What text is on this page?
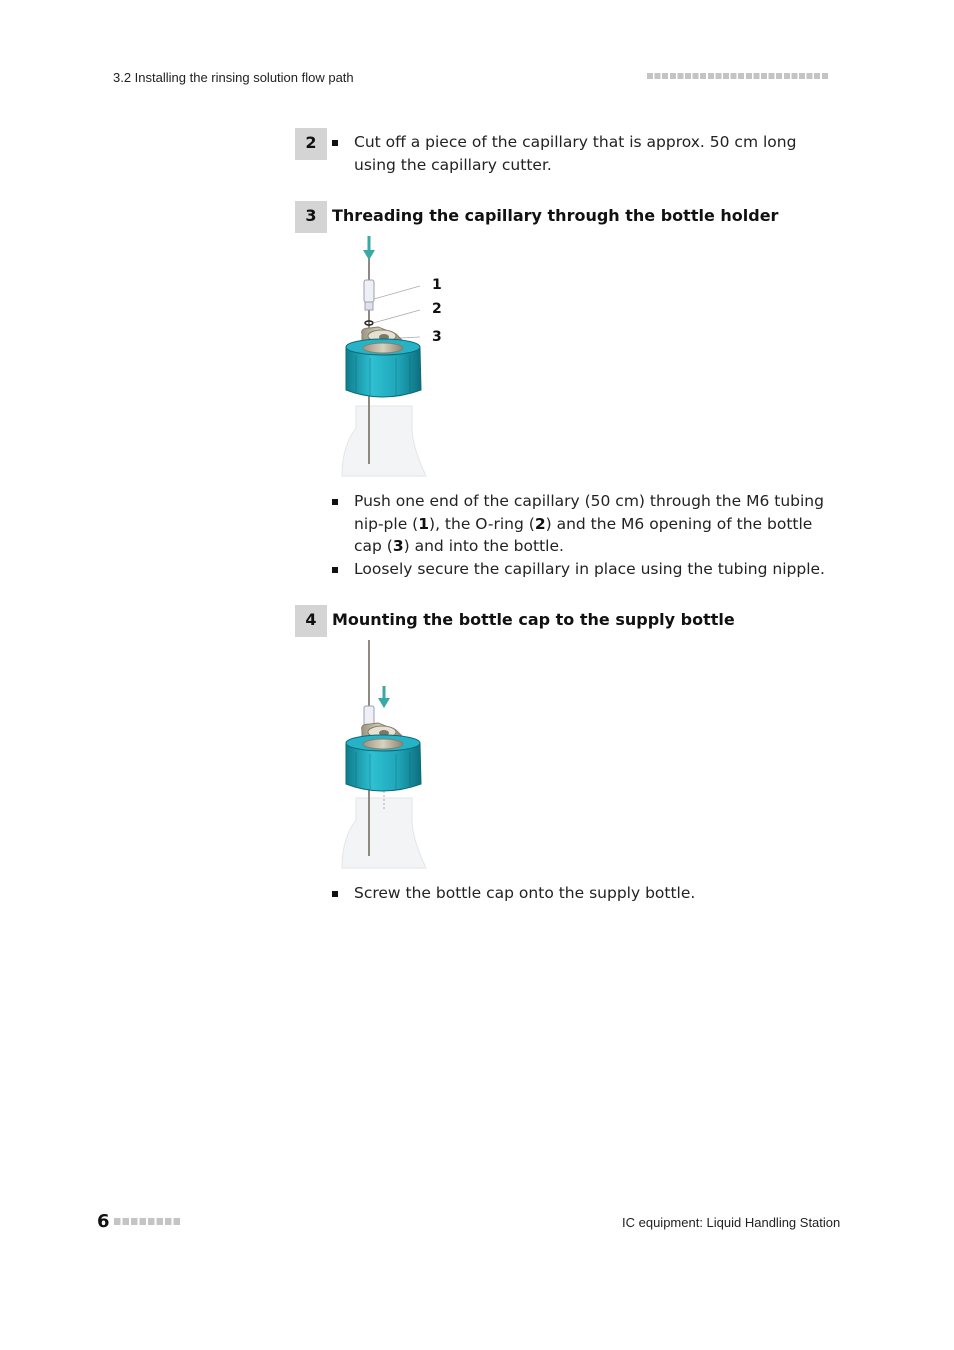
3.2 Installing the rinsing solution flow path
2	Cut off a piece of the capillary that is approx. 50 cm long using the capillary cutter.
3 Threading the capillary through the bottle holder
1
2
3
Push one end of the capillary (50 cm) through the M6 tubing nip-ple (1), the O-ring (2) and the M6 opening of the bottle cap (3) and into the bottle.
Loosely secure the capillary in place using the tubing nipple.
4 Mounting the bottle cap to the supply bottle
Screw the bottle cap onto the supply bottle.
6	IC equipment: Liquid Handling Station
